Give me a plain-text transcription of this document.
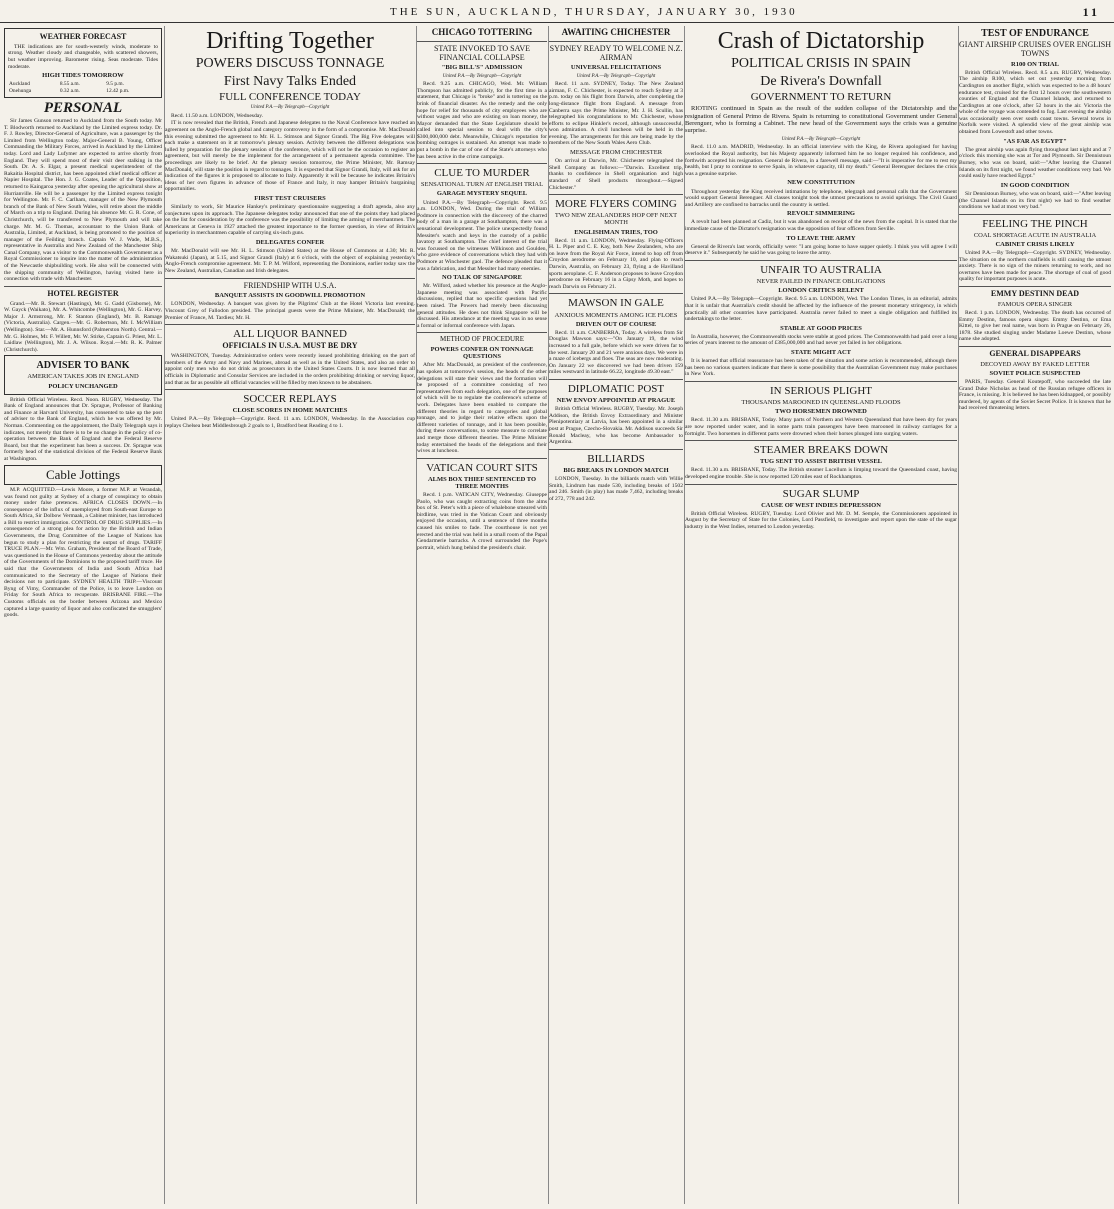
THE SUN, AUCKLAND, THURSDAY, JANUARY 30, 1930	11
WEATHER FORECAST

THE indications are for south-westerly winds, moderate to strong. Weather cloudy and changeable, with scattered showers, but weather improving. Barometer rising. Seas moderate. Tides moderate.

HIGH TIDES TOMORROW
Auckland	8.55 a.m.	9.5 p.m.
Onehunga	0.32 a.m.	12.42 p.m.
PERSONAL

Sir James Gunson returned to Auckland from the South today. Mr T. Blodworth returned to Auckland by the Limited express today. Dr. F. J. Rowley, Director-General of Agriculture, was a passenger by the Limited from Wellington today. Major-General B. Young, Officer Commanding the Military Forces, arrived in Auckland by the Limited today. Lord and Lady Lufymer are expected to arrive shortly from England. They will spend most of their visit deer stalking in the South. Dr. A. S. Elgar, a present medical superintendent of the Rakaitia Hospital district, has been appointed chief medical officer at Napier Hospital. The Hon. J. G. Coates, Leader of the Opposition, returned to Kaingaroa yesterday after opening the agricultural show at Hurrianville. He will be a passenger by the Limited express tonight for Wellington. Mr. F. C. Carlham, manager of the New Plymouth branch of the Bank of New South Wales, will retire about the middle of March on a trip to England. During his absence Mr. G. R. Cone, of Christchurch, will be transferred to New Plymouth and will take charge. Mr. M. G. Thomas, accountant to the Union Bank of Australia, Limited, at Auckland, is being promoted to the position of manager of the Feilding branch. Captain W. J. Wade, M.B.S., representative in Australia and New Zealand of the Manchester Ship Canal Company, was a visitor to the Commonwealth Government as a Royal Commissioner to inquire into the matter of the administration of the Newcastle shipbuilding work. He also will be connected with the shipping community of Wellington, having visited here in connection with trade with Manchester.

HOTEL REGISTER

Grand.—Mr. R. Stewart (Hastings), Mr. G. Gadd (Gisborne), Mr. W. Gayck (Waikato), Mr. A. Whitcombe (Wellington), Mr. G. Harvey, Major J. Armstrong, Mr. F. Stanton (England), Mr. B. Ramage (Victoria, Australia). Cargen.—Mr. G. Robertson, Mr. I. McWilliam (Wellington). Star.—Mr. A. Hunnsford (Palmerston North). Central.—Mr. G. Holmes, Mr. F. Willett, Mr. W. Stirke, Captain G. Priest, Mr. L. Laidlaw (Wellington), Mr. J. A. Wilson. Royal.—Mr. R. K. Palmer (Christchurch).

ADVISER TO BANK
AMERICAN TAKES JOB IN ENGLAND
POLICY UNCHANGED

British Official Wireless. Recd. Noon. RUGBY, Wednesday. The Bank of England announces that Dr. Sprague, Professor of Banking and Finance at Harvard University, has consented to take up the post of adviser to the Bank of England, which he was offered by Mr. Norman. Commenting on the appointment, the Daily Telegraph says it indicates, not merely that there is to be no change in the policy of co-operation between the Bank of England and the Federal Reserve Board, but that the experiment has been a success. Dr. Sprague was formerly head of the statistical division of the Federal Reserve Bank at Washington.

Cable Jottings

M.P. ACQUITTED.—Lewis Moore, a former M.P. at Verandah, was found not guilty at Sydney of a charge of conspiracy to obtain money under false pretences. AFRICA CLOSES DOWN.—In consequence of the influx of unemployed from South-east Europe to South Africa, Sir Dolbow Vermaak, a Cabinet minister, has introduced a Bill to restrict immigration. CONTROL OF DRUG SUPPLIES.—In consequence of a strong plea for action by the British and Indian Governments, the Drug Committee of the League of Nations has begun to study a plan for restricting the output of drugs. TARIFF TRUCE PLAN.—Mr. Wm. Graham, President of the Board of Trade, was questioned in the House of Commons yesterday about the attitude of the Governments of the Dominions to the proposed tariff truce. He said that the Governments of India and South Africa had communicated to the Secretary of the League of Nations their decisions not to participate. SYDNEY HEALTH TRIP.—Viscount Byng of Vimy, Commander of the Police, is to leave London on Friday for South Africa to recuperate. BRISBANE FIRE.—The Customs officials on the border between Arizona and Mexico captured a large quantity of liquor and also confiscated the smugglers' goods.

Drifting Together
POWERS DISCUSS TONNAGE
First Navy Talks Ended
FULL CONFERENCE TODAY
United P.A.—By Telegraph—Copyright

Recd. 11.50 a.m. LONDON, Wednesday.

IT is now revealed that the British, French and Japanese delegates to the Naval Conference have reached an agreement on the Anglo-French global and category controversy in the form of a compromise. Mr. MacDonald this evening submitted the agreement to Mr. H. L. Stimson and Signor Grandi. The Big Five delegates will each make a statement on it at tomorrow's plenary session. Activity between the different delegations was lulled by preparation for the plenary session of the conference, which will not be the occasion to register an agreement, but will merely be the implement for the arrangement of a permanent agenda committee. The proceedings are likely to be brief. At the plenary session tomorrow, the Prime Minister, Mr. Ramsay MacDonald, will state the position in regard to tonnages. It is expected that Signor Grandi, Italy, will ask for an indication of the figures it is proposed to allocate to Italy. Apparently it will be because he indicates Britain's ideas of her own figures in advance of those of France and Italy, it may hamper Britain's bargaining opportunities.

FIRST TEST CRUISERS

Similarly to work, Sir Maurice Hankey's preliminary questionnaire suggesting a draft agenda, also any conjectures upon its approach. The Japanese delegates today announced that one of the points they had placed on the list for consideration by the conference was the possibility of limiting the arming of merchantmen. The Americans at Geneva in 1927 attached the greatest importance to the former question, in view of Britain's superiority in merchantmen capable of carrying six-inch guns.

DELEGATES CONFER

Mr. MacDonald will see Mr. H. L. Stimson (United States) at the House of Commons at 4.30; Mr. R. Wakatsuki (Japan), at 5.15, and Signor Grandi (Italy) at 6 o'clock, with the object of explaining yesterday's Anglo-French compromise agreement. Mr. T. P. M. Wilford, representing the Dominions, earlier today saw the New Zealand, Australian, Canadian and Irish delegates.

FRIENDSHIP WITH U.S.A.
BANQUET ASSISTS IN GOODWILL PROMOTION

LONDON, Wednesday. A banquet was given by the Pilgrims' Club at the Hotel Victoria last evening. Viscount Grey of Fallodon presided. The principal guests were the Prime Minister, Mr. MacDonald; the Premier of France, M. Tardieu; Mr. H.

ALL LIQUOR BANNED
OFFICIALS IN U.S.A. MUST BE DRY

WASHINGTON, Tuesday. Administrative orders were recently issued prohibiting drinking on the part of members of the Army and Navy and Marines, abroad as well as in the United States, and also an order to appoint only men who do not drink as prosecutors in the United States Courts. It is now learned that all officials in Diplomatic and Consular Services are included in the orders prohibiting drinking or serving liquor, and that as far as possible all official vacancies will be filled by men known to be abstainers.

SOCCER REPLAYS
CLOSE SCORES IN HOME MATCHES

United P.A.—By Telegraph—Copyright. Recd. 11 a.m. LONDON, Wednesday. In the Association cup replays Chelsea beat Middlesbrough 2 goals to 1, Bradford beat Reading 4 to 1.

CHICAGO TOTTERING
STATE INVOKED TO SAVE FINANCIAL COLLAPSE
"BIG BILL'S" ADMISSION
United P.A.—By Telegraph—Copyright

Recd. 9.25 a.m. CHICAGO, Wed. Mr. William Thompson has admitted publicly, for the first time in a statement, that Chicago is "broke" and is tottering on the brink of financial disaster. As the remedy and the only hope for relief for thousands of city employees who are without wages and who are existing on loan money, the Mayor demanded that the State Legislature should be called into special session to deal with the city's $300,000,000 debt. Meanwhile, Chicago's reputation for bombing outrages is sustained. An attempt was made to put a bomb in the car of one of the State's attorneys who has been active in the crime campaign.

CLUE TO MURDER
SENSATIONAL TURN AT ENGLISH TRIAL
GARAGE MYSTERY SEQUEL

United P.A.—By Telegraph—Copyright. Recd. 9.5 a.m. LONDON, Wed. During the trial of William Podmore in connection with the discovery of the charred body of a man in a garage at Southampton, there was a sensational development. The police unexpectedly found Messiter's watch and keys in the custody of a public lavatory at Southampton. The chief interest of the trial was focussed on the witnesses Wilkinson and Goulden, who gave evidence of conversations which they had with Podmore at Winchester gaol. The defence pleaded that it was a fabrication, and that Messiter had many enemies.

NO TALK OF SINGAPORE

Mr. Wilford, asked whether his presence at the Anglo-Japanese meeting was associated with Pacific discussions, replied that no specific questions had yet been raised. The Powers had merely been discussing general attitudes. He does not think Singapore will be discussed. His attendance at the meeting was in no sense a formal or informal conference with Japan.

METHOD OF PROCEDURE
POWERS CONFER ON TONNAGE QUESTIONS

After Mr. MacDonald, as president of the conference, has spoken at tomorrow's session, the heads of the other delegations will state their views and the formation will be proposed of a committee consisting of two representatives from each delegation, one of the purposes of which will be to regulate the conference's scheme of work. Delegates have been enabled to compare the different theories in regard to categories and global tonnage, and to judge their relative effects upon the different varieties of tonnage, and it has been possible, during these conversations, to some measure to correlate and merge those different theories. The Prime Minister today entertained the heads of the delegations and their wives at luncheon.

VATICAN COURT SITS
ALMS BOX THIEF SENTENCED TO THREE MONTHS

Recd. 1 p.m. VATICAN CITY, Wednesday. Giuseppe Paolo, who was caught extracting coins from the alms box of St. Peter's with a piece of whalebone smeared with birdlime, was tried in the Vatican Court and obviously enjoyed the occasion, until a sentence of three months caused his smiles to fade. The courthouse is not yet erected and the trial was held in a small room of the Papal Gendarmerie barracks. A crowd surrounded the Pope's portrait, which hung behind the president's chair.

AWAITING CHICHESTER
SYDNEY READY TO WELCOME N.Z. AIRMAN
UNIVERSAL FELICITATIONS
United P.A.—By Telegraph—Copyright

Recd. 11 a.m. SYDNEY, Today. The New Zealand airman, F. C. Chichester, is expected to reach Sydney at 3 p.m. today on his flight from Darwin, after completing the long-distance flight from England. A message from Canberra says the Prime Minister, Mr. J. H. Scullin, has telegraphed his congratulations to Mr. Chichester, whose efforts to eclipse Hinkler's record, although unsuccessful, won admiration. A civil luncheon will be held in the evening. The arrangements for this are being made by the members of the New South Wales Aero Club.

MESSAGE FROM CHICHESTER

On arrival at Darwin, Mr. Chichester telegraphed the Shell Company as follows:—"Darwin. Excellent trip, thanks to confidence in Shell organisation and high standard of Shell products throughout.—Signed Chichester."

MORE FLYERS COMING
TWO NEW ZEALANDERS HOP OFF NEXT MONTH
ENGLISHMAN TRIES, TOO

Recd. 11 a.m. LONDON, Wednesday. Flying-Officers H. L. Piper and C. E. Kay, both New Zealanders, who are on leave from the Royal Air Force, intend to hop off from Croydon aerodrome on February 10, and plan to reach Darwin, Australia, on February 23, flying a de Havilland sports aeroplane. C. F. Anderson proposes to leave Croydon aerodrome on February 16 in a Gipsy Moth, and hopes to reach Darwin on February 21.

MAWSON IN GALE
ANXIOUS MOMENTS AMONG ICE FLOES
DRIVEN OUT OF COURSE

Recd. 11 a.m. CANBERRA, Today. A wireless from Sir Douglas Mawson says:—"On January 19, the wind increased to a full gale, before which we were driven far to the west. January 20 and 21 were anxious days. We were in a maze of icebergs and floes. The seas are now moderating. On January 22 we discovered we had been driven 159 miles westward in latitude 66.22, longitude 49.30 east."

DIPLOMATIC POST
NEW ENVOY APPOINTED AT PRAGUE

British Official Wireless. RUGBY, Tuesday. Mr. Joseph Addison, the British Envoy Extraordinary and Minister Plenipotentiary at Latvia, has been appointed in a similar post at Prague, Czecho-Slovakia. Mr. Addison succeeds Sir Ronald Macleay, who has become Ambassador to Argentina.

BILLIARDS
BIG BREAKS IN LONDON MATCH

LONDON, Tuesday. In the billiards match with Willie Smith, Lindrum has made 530, including breaks of 1502 and 246. Smith (in play) has made 7,462, including breaks of 272, 778 and 242.

Crash of Dictatorship
POLITICAL CRISIS IN SPAIN
De Rivera's Downfall
GOVERNMENT TO RETURN

RIOTING continued in Spain as the result of the sudden collapse of the Dictatorship and the resignation of General Primo de Rivera. Spain is returning to constitutional Government under General Berenguer, who is forming a Cabinet. The new head of the Government says the crisis was a genuine surprise.

United P.A.—By Telegraph—Copyright

Recd. 11.0 a.m. MADRID, Wednesday. In an official interview with the King, de Rivera apologised for having overlooked the Royal authority, but his Majesty apparently informed him he no longer required his confidence, and forthwith accepted his resignation. General de Rivera, in a farewell message, said:—"It is imperative for me to rest my health, but I pray to continue to serve Spain, in whatever capacity, till my death." General Berenguer declares the crisis was a genuine surprise.

NEW CONSTITUTION

Throughout yesterday the King received intimations by telephone, telegraph and personal calls that the Government would support General Berenguer. All classes tonight took the utmost precautions to avoid uprisings. The Civil Guard and Artillery are confined to barracks until the country is settled.

REVOLT SIMMERING

A revolt had been planned at Cadiz, but it was abandoned on receipt of the news from the capital. It is stated that the immediate cause of the Dictator's resignation was the opposition of four officers from Seville.

TO LEAVE THE ARMY

General de Rivera's last words, officially were: "I am going home to have supper quietly. I think you will agree I will deserve it." Subsequently he said he was going to leave the army.

UNFAIR TO AUSTRALIA
NEVER FAILED IN FINANCE OBLIGATIONS
LONDON CRITICS RELENT

United P.A.—By Telegraph—Copyright. Recd. 9.5 a.m. LONDON, Wed. The London Times, in an editorial, admits that it is unfair that Australia's credit should be affected by the influence of the present monetary stringency, in which practically all other countries have participated. Australia never failed to meet a single obligation and fulfilled its undertakings to the letter.

STABLE AT GOOD PRICES

In Australia, however, the Commonwealth stocks were stable at good prices. The Commonwealth had paid over a long series of years interest to the amount of £385,000,000 and had never yet failed in her obligations.

STATE MIGHT ACT

It is learned that official reassurance has been taken of the situation and some action is recommended, although there has been no various quarters indicate that there is some possibility that the Australian Government may make purchases in New York.

IN SERIOUS PLIGHT
THOUSANDS MAROONED IN QUEENSLAND FLOODS
TWO HORSEMEN DROWNED

Recd. 11.30 a.m. BRISBANE, Today. Many parts of Northern and Western Queensland that have been dry for years are now reported under water, and in some parts train passengers have been marooned in railway carriages for a fortnight. Two horsemen in different parts were drowned when their horses plunged into surging waters.

STEAMER BREAKS DOWN
TUG SENT TO ASSIST BRITISH VESSEL

Recd. 11.30 a.m. BRISBANE, Today. The British steamer Lucellum is limping toward the Queensland coast, having developed engine trouble. She is now reported 120 miles east of Rockhampton.

SUGAR SLUMP
CAUSE OF WEST INDIES DEPRESSION

British Official Wireless. RUGBY, Tuesday. Lord Olivier and Mr. D. M. Semple, the Commissioners appointed in August by the Secretary of State for the Colonies, Lord Passfield, to investigate and report upon the state of the sugar industry in the West Indies, returned to London yesterday.

TEST OF ENDURANCE
GIANT AIRSHIP CRUISES OVER ENGLISH TOWNS
R100 ON TRIAL

British Official Wireless. Recd. 8.5 a.m. RUGBY, Wednesday. The airship R100, which set out yesterday morning from Cardington on another flight, which was expected to be a 48 hours' endurance test, cruised for the first 12 hours over the southwestern counties of England and the Channel Islands, and returned to Cardington at one o'clock, after 52 hours in the air. Victoria the whole of the voyage was contended to fog. Last evening the airship was occasionally seen over south coast towns. Several towns in Norfolk were visited. A splendid view of the great airship was obtained from Lowestoft and other towns.

"AS FAR AS EGYPT"

The great airship was again flying throughout last night and at 7 o'clock this morning she was at Tor and Plymouth. Sir Dennistoun Burney, who was on board, said:—"After leaving the Channel Islands on its first night, we found weather conditions very bad. We could easily have reached Egypt."

IN GOOD CONDITION

Sir Dennistoun Burney, who was on board, said:—"After leaving (the Channel Islands on its first night) we had to find weather conditions we had at most very bad."

FEELING THE PINCH
COAL SHORTAGE ACUTE IN AUSTRALIA
CABINET CRISIS LIKELY

United P.A.—By Telegraph—Copyright. SYDNEY, Wednesday. The situation on the northern coalfields is still causing the utmost anxiety. There is no sign of the miners returning to work, and no overtures have been made for peace. The shortage of coal of good quality for important purposes is acute.

EMMY DESTINN DEAD
FAMOUS OPERA SINGER

Recd. 1 p.m. LONDON, Wednesday. The death has occurred of Emmy Destinn, famous opera singer. Emmy Destinn, or Ema Kittel, to give her real name, was born in Prague on February 26, 1878. She studied singing under Madame Loewe Destinn, whose name she adopted.

GENERAL DISAPPEARS
DECOYED AWAY BY FAKED LETTER
SOVIET POLICE SUSPECTED

PARIS, Tuesday. General Koutepoff, who succeeded the late Grand Duke Nicholas as head of the Russian refugee officers in France, is missing. It is believed he has been kidnapped, or possibly murdered, by agents of the Soviet Secret Police. It is known that he had received threatening letters.
